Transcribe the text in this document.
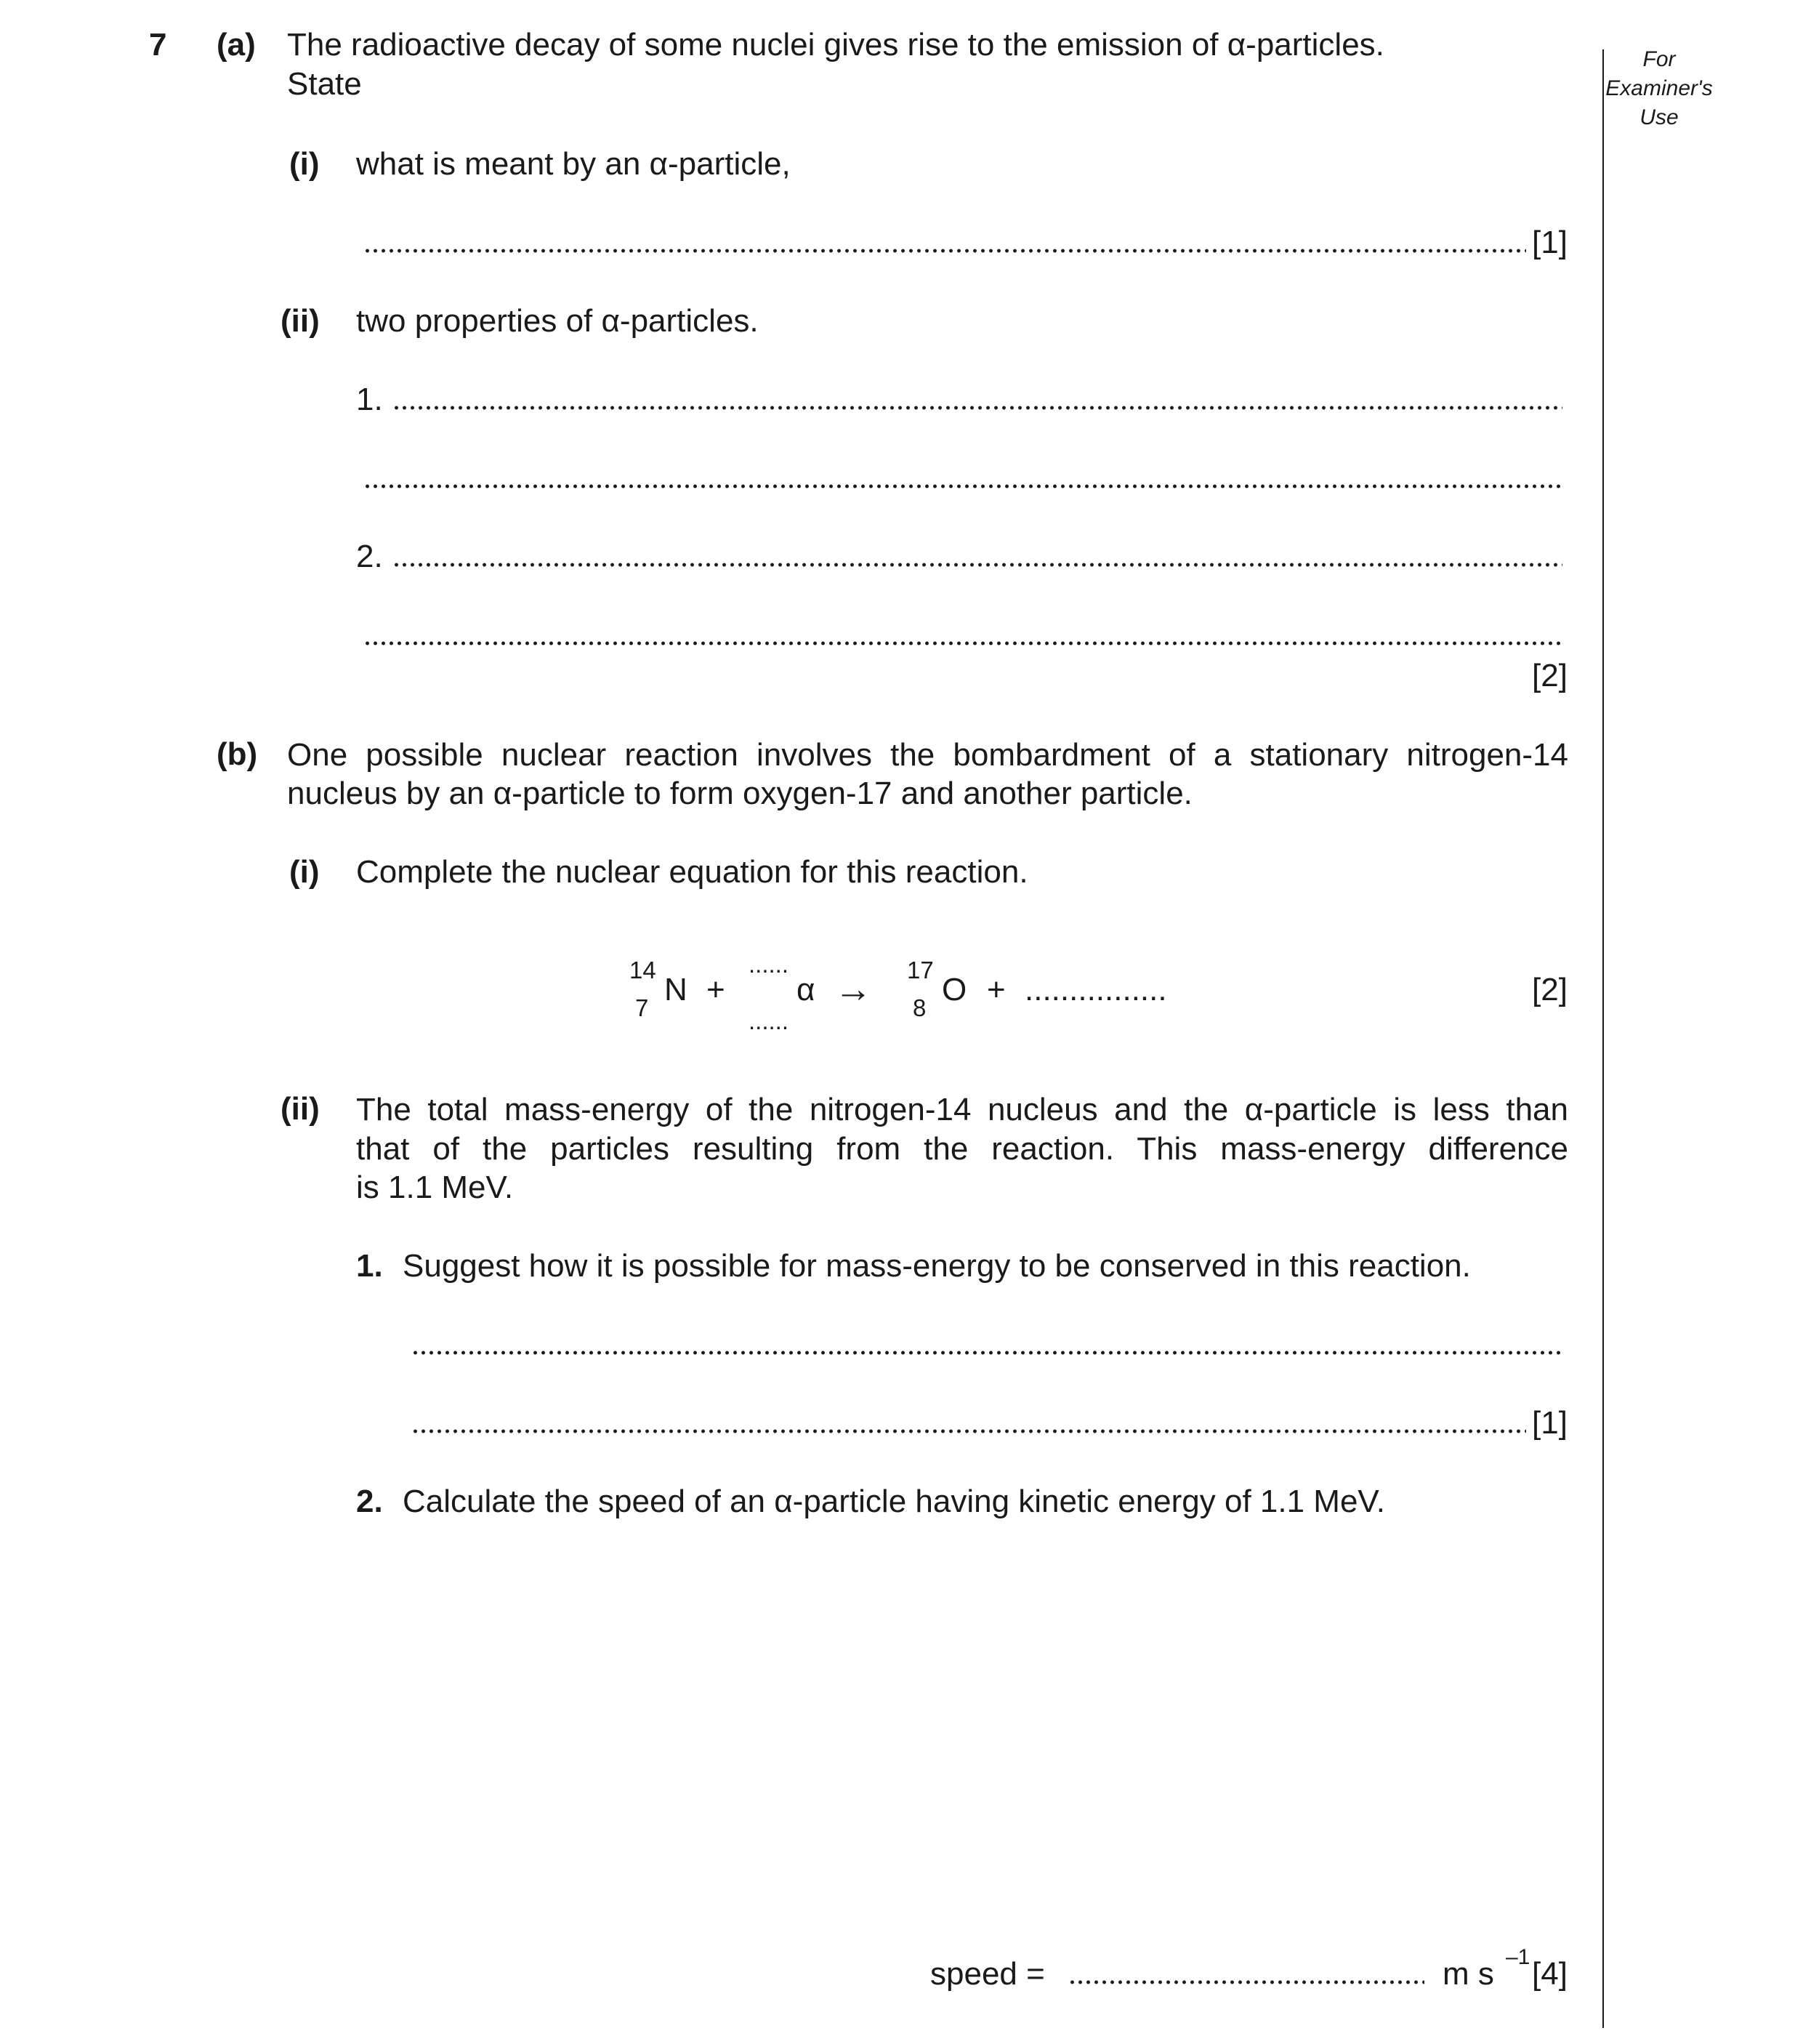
For
Examiner's
Use
7 (a) The radioactive decay of some nuclei gives rise to the emission of α-particles.
State
(i) what is meant by an α-particle,
[1]
(ii) two properties of α-particles.
1.
2.
[2]
(b) One possible nuclear reaction involves the bombardment of a stationary nitrogen-14
nucleus by an α-particle to form oxygen-17 and another particle.
(i) Complete the nuclear equation for this reaction.
14
7
N +
......
......
α → 17
8
O + ................	[2]
(ii) The total mass-energy of the nitrogen-14 nucleus and the α-particle is less than
that of the particles resulting from the reaction. This mass-energy difference
is 1.1 MeV.
1. Suggest how it is possible for mass-energy to be conserved in this reaction.
[1]
2. Calculate the speed of an α-particle having kinetic energy of 1.1 MeV.
speed =	m s –1 [4]
